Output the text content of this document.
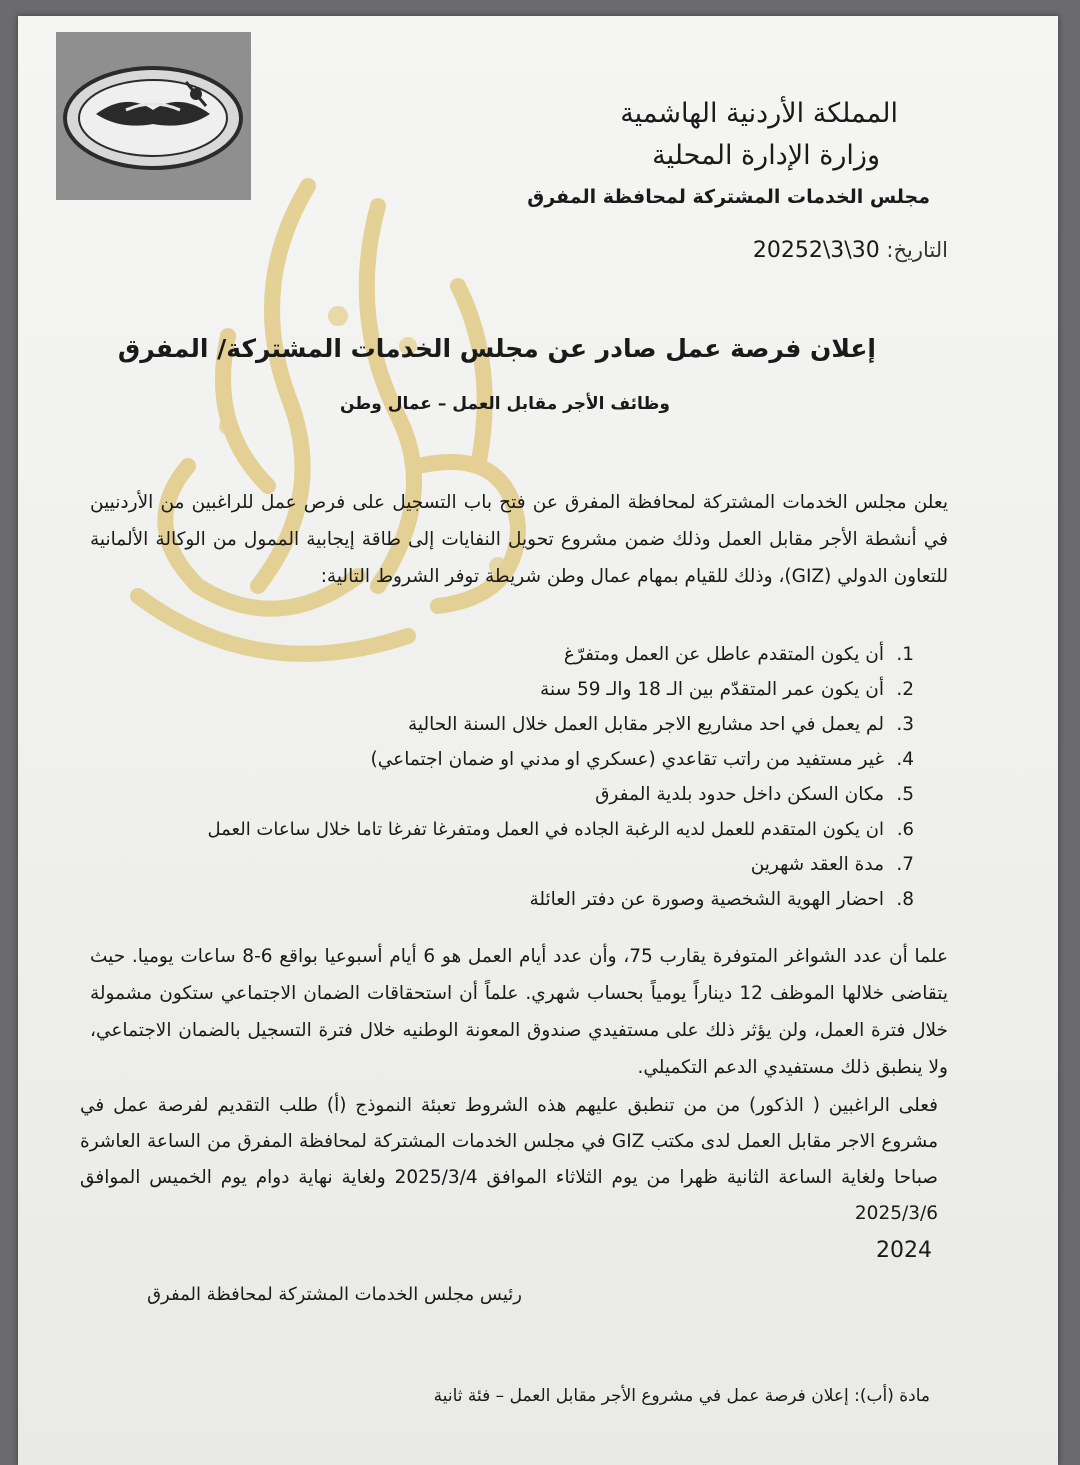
المملكة الأردنية الهاشمية
وزارة الإدارة المحلية
مجلس الخدمات المشتركة لمحافظة المفرق
التاريخ: 20252\3\30
إعلان فرصة عمل صادر عن مجلس الخدمات المشتركة/ المفرق
وظائف الأجر مقابل العمل – عمال وطن
يعلن مجلس الخدمات المشتركة لمحافظة المفرق عن فتح باب التسجيل على فرص عمل للراغبين من الأردنيين في أنشطة الأجر مقابل العمل وذلك ضمن مشروع تحويل النفايات إلى طاقة إيجابية الممول من الوكالة الألمانية للتعاون الدولي (GIZ)، وذلك للقيام بمهام عمال وطن شريطة توفر الشروط التالية:
1.أن يكون المتقدم عاطل عن العمل ومتفرّغ
2.أن يكون عمر المتقدّم بين الـ 18 والـ 59 سنة
3.لم يعمل في احد مشاريع الاجر مقابل العمل خلال السنة الحالية
4.غير مستفيد من راتب تقاعدي (عسكري او مدني او ضمان اجتماعي)
5.مكان السكن داخل حدود بلدية المفرق
6.ان يكون المتقدم للعمل لديه الرغبة الجاده في العمل ومتفرغا تفرغا تاما خلال ساعات العمل
7.مدة العقد شهرين
8.احضار الهوية الشخصية وصورة عن دفتر العائلة
علما أن عدد الشواغر المتوفرة يقارب 75، وأن عدد أيام العمل هو 6 أيام أسبوعيا بواقع 6-8 ساعات يوميا. حيث يتقاضى خلالها الموظف 12 ديناراً يومياً بحساب شهري. علماً أن استحقاقات الضمان الاجتماعي ستكون مشمولة خلال فترة العمل، ولن يؤثر ذلك على مستفيدي صندوق المعونة الوطنيه خلال فترة التسجيل بالضمان الاجتماعي، ولا ينطبق ذلك مستفيدي الدعم التكميلي.
فعلى الراغبين ( الذكور) من من تنطبق عليهم هذه الشروط تعبئة النموذج (أ) طلب التقديم لفرصة عمل في مشروع الاجر مقابل العمل لدى مكتب GIZ في مجلس الخدمات المشتركة لمحافظة المفرق من الساعة العاشرة صباحا ولغاية الساعة الثانية ظهرا من يوم الثلاثاء الموافق 2025/3/4 ولغاية نهاية دوام يوم الخميس الموافق 2025/3/6
2024
رئيس مجلس الخدمات المشتركة لمحافظة المفرق
مادة (أب): إعلان فرصة عمل في مشروع الأجر مقابل العمل – فئة ثانية
